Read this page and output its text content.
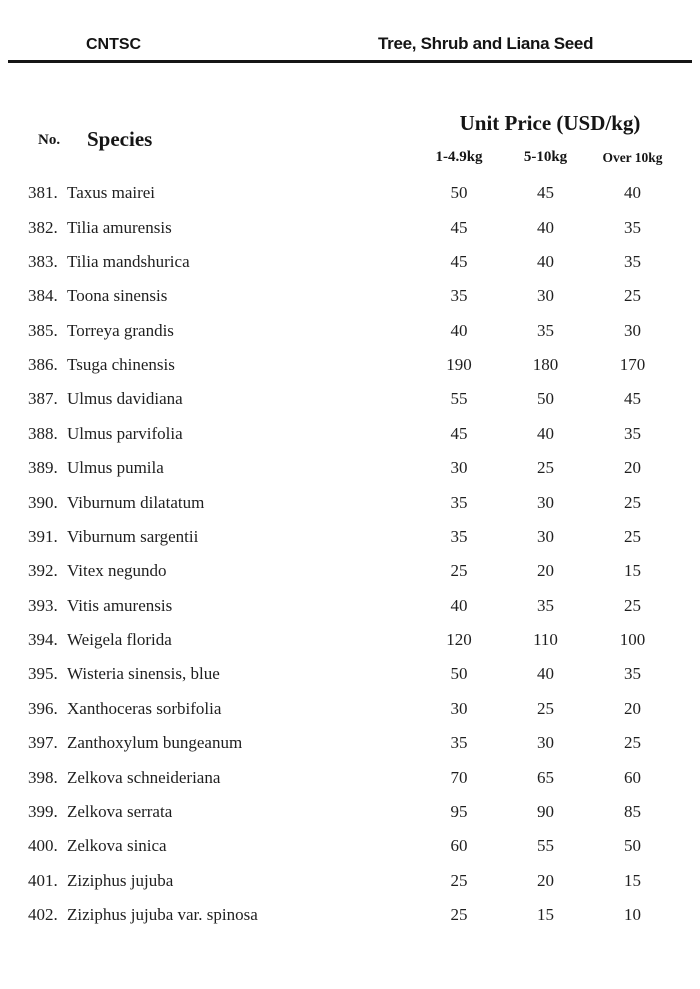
CNTSC	Tree, Shrub and Liana Seed
No. Species
Unit Price (USD/kg)
1-4.9kg	5-10kg	Over 10kg
381. Taxus mairei	50	45	40
382. Tilia amurensis	45	40	35
383. Tilia mandshurica	45	40	35
384. Toona sinensis	35	30	25
385. Torreya grandis	40	35	30
386. Tsuga chinensis	190	180	170
387. Ulmus davidiana	55	50	45
388. Ulmus parvifolia	45	40	35
389. Ulmus pumila	30	25	20
390. Viburnum dilatatum	35	30	25
391. Viburnum sargentii	35	30	25
392. Vitex negundo	25	20	15
393. Vitis amurensis	40	35	25
394. Weigela florida	120	110	100
395. Wisteria sinensis, blue	50	40	35
396. Xanthoceras sorbifolia	30	25	20
397. Zanthoxylum bungeanum	35	30	25
398. Zelkova schneideriana	70	65	60
399. Zelkova serrata	95	90	85
400. Zelkova sinica	60	55	50
401. Ziziphus jujuba	25	20	15
402. Ziziphus jujuba var. spinosa	25	15	10
